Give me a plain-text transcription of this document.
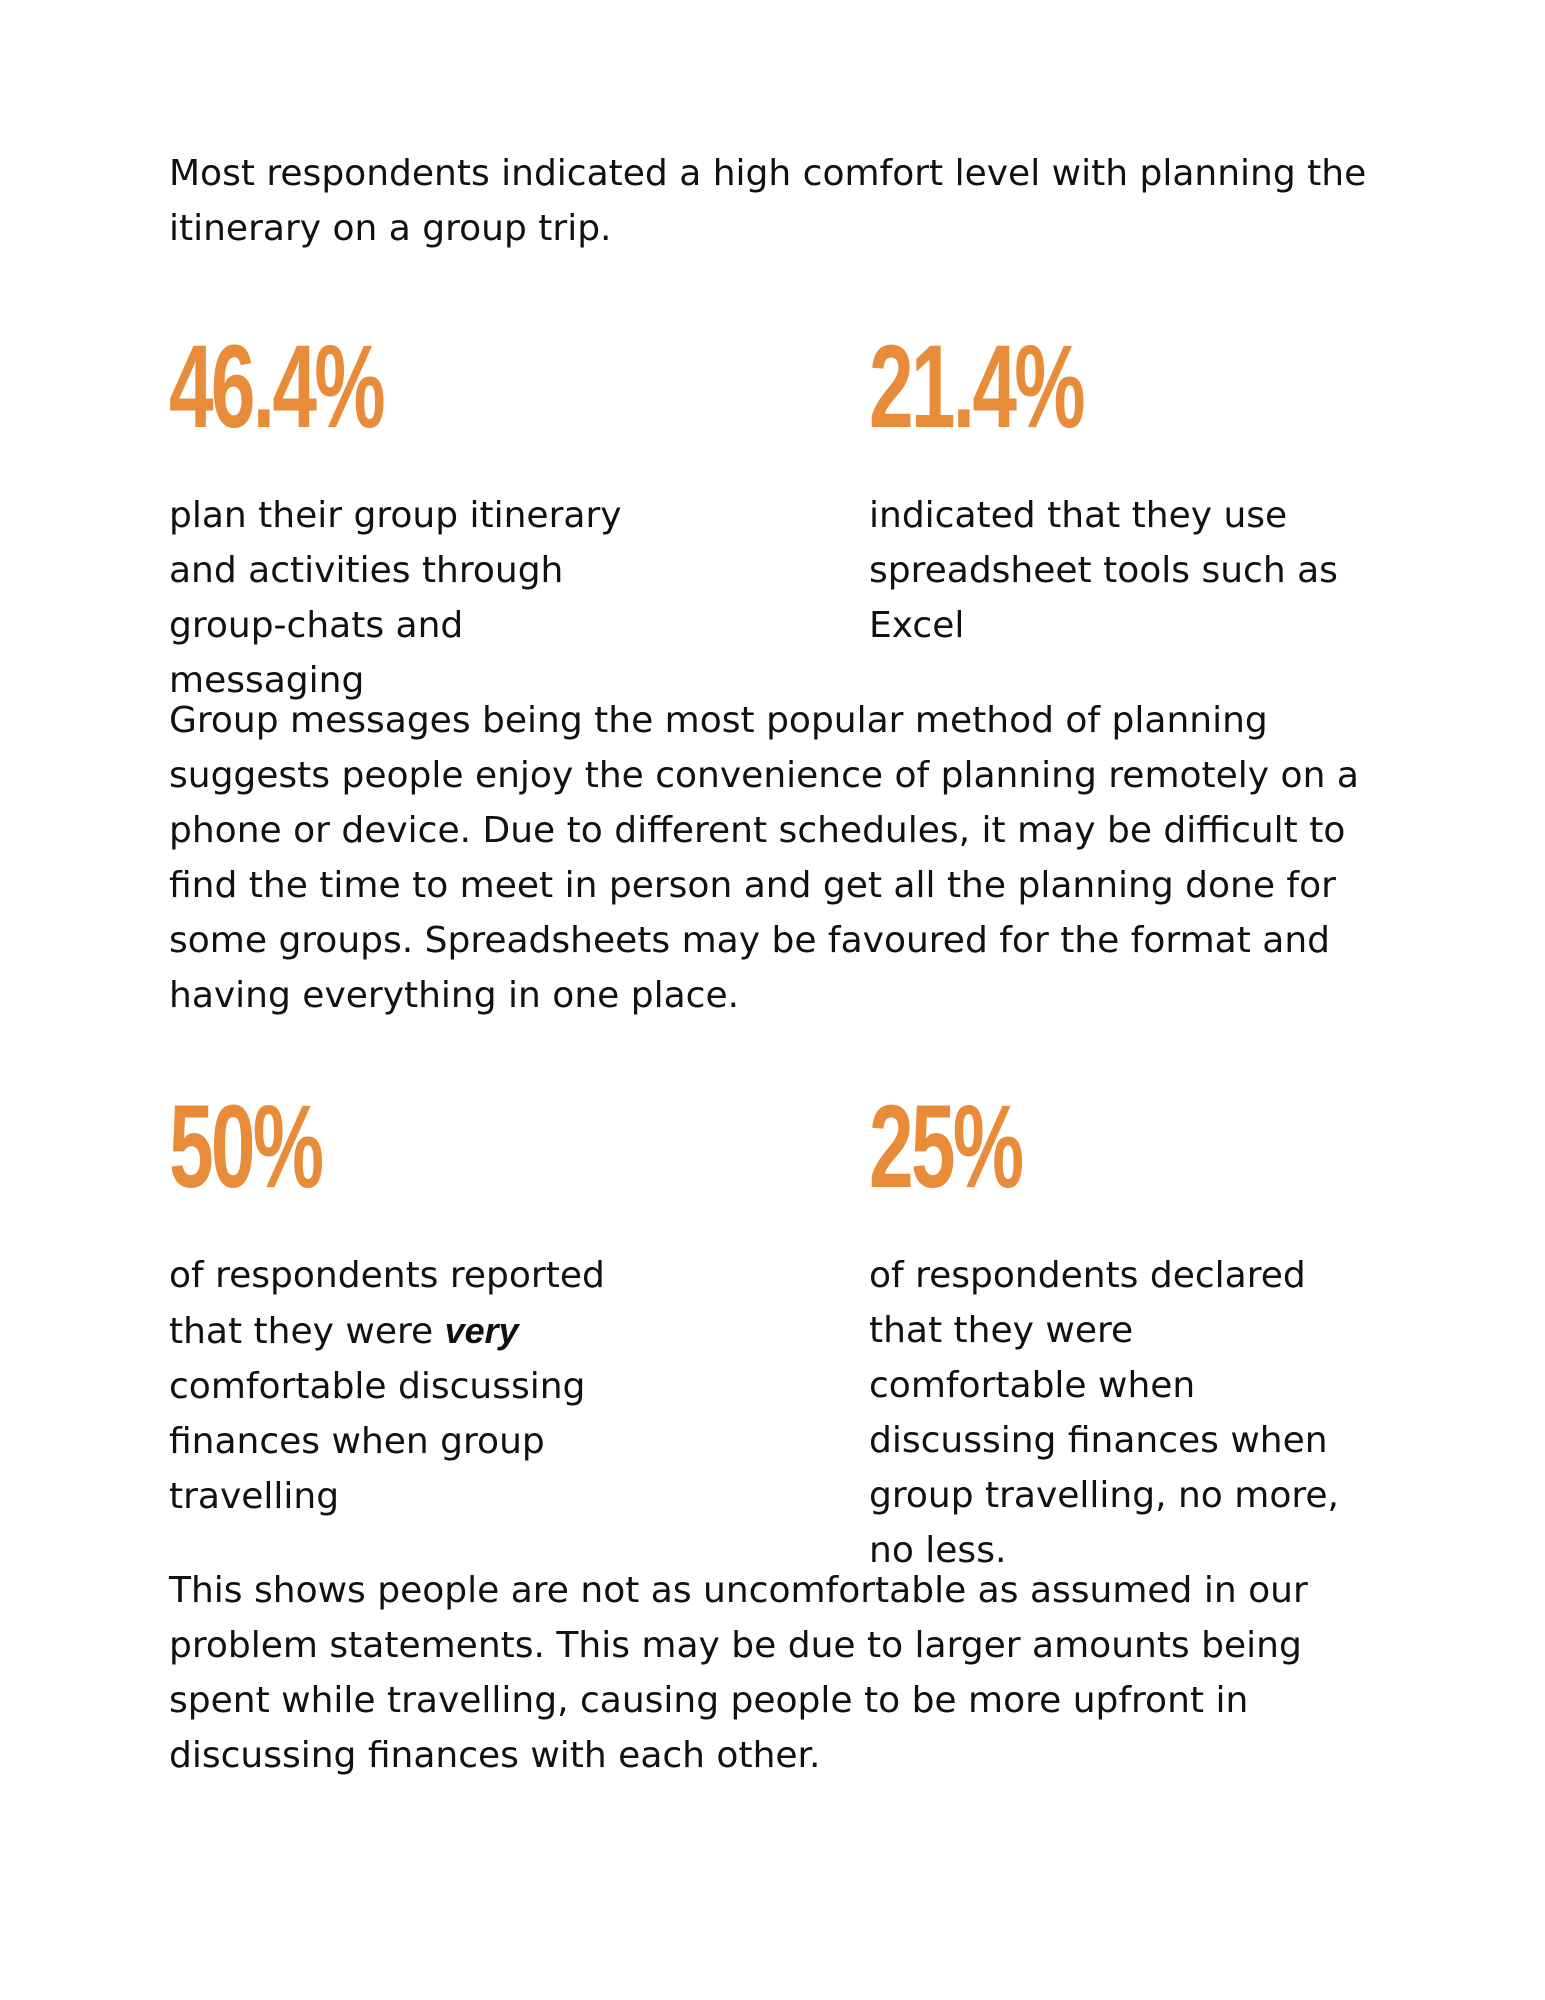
Most respondents indicated a high comfort level with planning the itinerary on a group trip.

46.4%
plan their group itinerary and activities through group-chats and messaging
21.4%
indicated that they use spreadsheet tools such as Excel

Group messages being the most popular method of planning suggests people enjoy the convenience of planning remotely on a phone or device. Due to different schedules, it may be difficult to find the time to meet in person and get all the planning done for some groups. Spreadsheets may be favoured for the format and having everything in one place.

50%
of respondents reported that they were very comfortable discussing finances when group travelling
25%
of respondents declared that they were comfortable when discussing finances when group travelling, no more, no less.

This shows people are not as uncomfortable as assumed in our problem statements. This may be due to larger amounts being spent while travelling, causing people to be more upfront in discussing finances with each other.
